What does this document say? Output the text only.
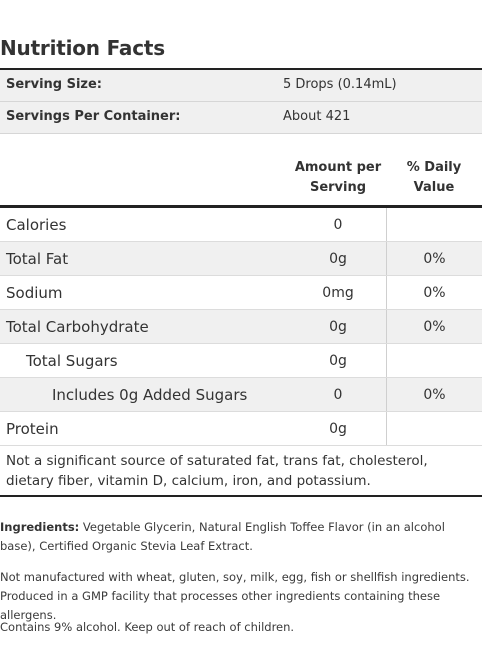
Nutrition Facts
Serving Size:	5 Drops (0.14mL)
Servings Per Container:	About 421
Amount per
Serving
% Daily
Value
Calories	0
Total Fat	0g	0%
Sodium	0mg	0%
Total Carbohydrate	0g	0%
Total Sugars	0g
Includes 0g Added Sugars	0	0%
Protein	0g
Not a significant source of saturated fat, trans fat, cholesterol, dietary fiber, vitamin D, calcium, iron, and potassium.
Ingredients: Vegetable Glycerin, Natural English Toffee Flavor (in an alcohol base), Certified Organic Stevia Leaf Extract.
Not manufactured with wheat, gluten, soy, milk, egg, fish or shellfish ingredients. Produced in a GMP facility that processes other ingredients containing these allergens.
Contains 9% alcohol. Keep out of reach of children.
